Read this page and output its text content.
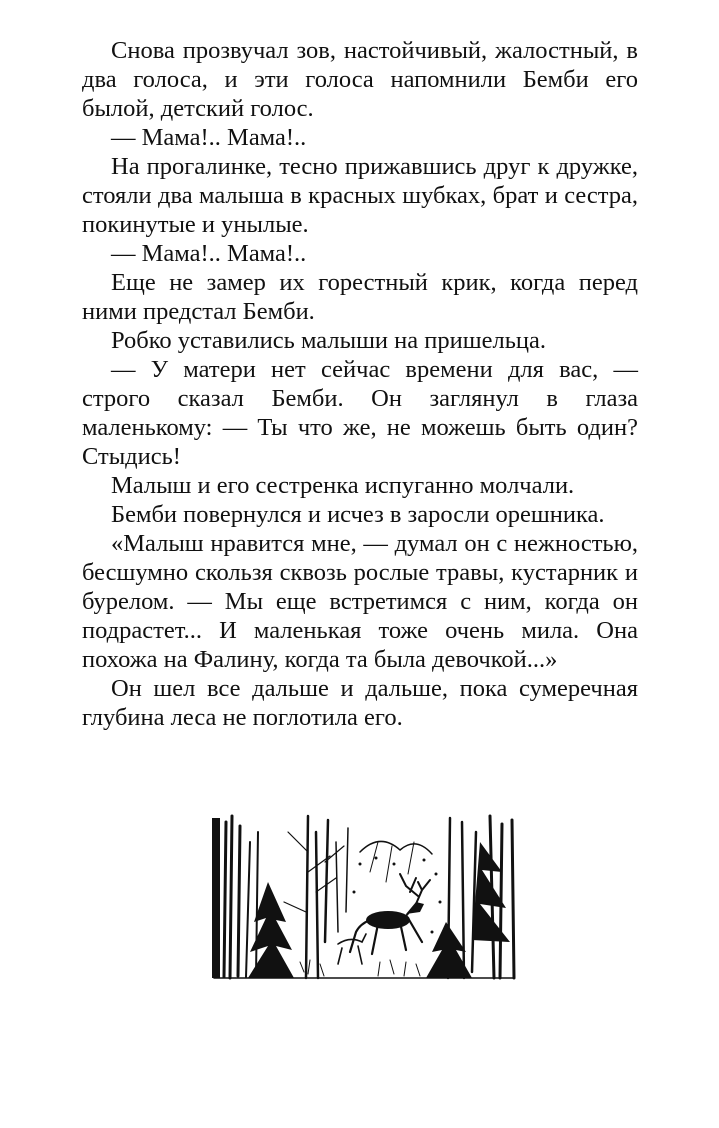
Снова прозвучал зов, настойчивый, жалостный, в два голоса, и эти голоса напомнили Бемби его былой, детский голос.

— Мама!.. Мама!..

На прогалинке, тесно прижавшись друг к дружке, стояли два малыша в красных шубках, брат и сестра, покинутые и унылые.

— Мама!.. Мама!..

Еще не замер их горестный крик, когда перед ними предстал Бемби.

Робко уставились малыши на пришельца.

— У матери нет сейчас времени для вас, — строго сказал Бемби. Он заглянул в глаза маленькому: — Ты что же, не можешь быть один? Стыдись!

Малыш и его сестренка испуганно молчали.

Бемби повернулся и исчез в заросли орешника.

«Малыш нравится мне, — думал он с нежностью, бесшумно скользя сквозь рослые травы, кустарник и бурелом. — Мы еще встретимся с ним, когда он подрастет... И маленькая тоже очень мила. Она похожа на Фалину, когда та была девочкой...»

Он шел все дальше и дальше, пока сумеречная глубина леса не поглотила его.
